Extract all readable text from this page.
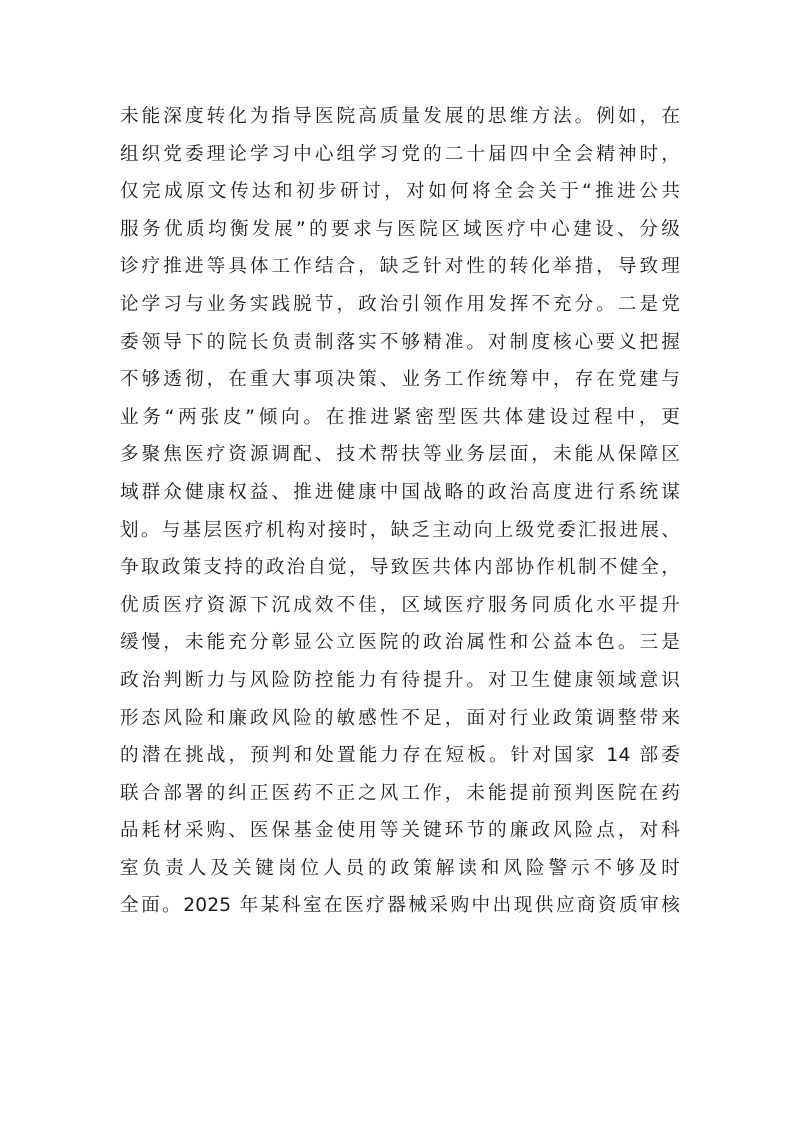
未能深度转化为指导医院高质量发展的思维方法。例如，在
组织党委理论学习中心组学习党的二十届四中全会精神时，
仅完成原文传达和初步研讨，对如何将全会关于“推进公共
服务优质均衡发展”的要求与医院区域医疗中心建设、分级
诊疗推进等具体工作结合，缺乏针对性的转化举措，导致理
论学习与业务实践脱节，政治引领作用发挥不充分。二是党
委领导下的院长负责制落实不够精准。对制度核心要义把握
不够透彻，在重大事项决策、业务工作统筹中，存在党建与
业务“两张皮”倾向。在推进紧密型医共体建设过程中，更
多聚焦医疗资源调配、技术帮扶等业务层面，未能从保障区
域群众健康权益、推进健康中国战略的政治高度进行系统谋
划。与基层医疗机构对接时，缺乏主动向上级党委汇报进展、
争取政策支持的政治自觉，导致医共体内部协作机制不健全，
优质医疗资源下沉成效不佳，区域医疗服务同质化水平提升
缓慢，未能充分彰显公立医院的政治属性和公益本色。三是
政治判断力与风险防控能力有待提升。对卫生健康领域意识
形态风险和廉政风险的敏感性不足，面对行业政策调整带来
的潜在挑战，预判和处置能力存在短板。针对国家 14 部委
联合部署的纠正医药不正之风工作，未能提前预判医院在药
品耗材采购、医保基金使用等关键环节的廉政风险点，对科
室负责人及关键岗位人员的政策解读和风险警示不够及时
全面。2025 年某科室在医疗器械采购中出现供应商资质审核
